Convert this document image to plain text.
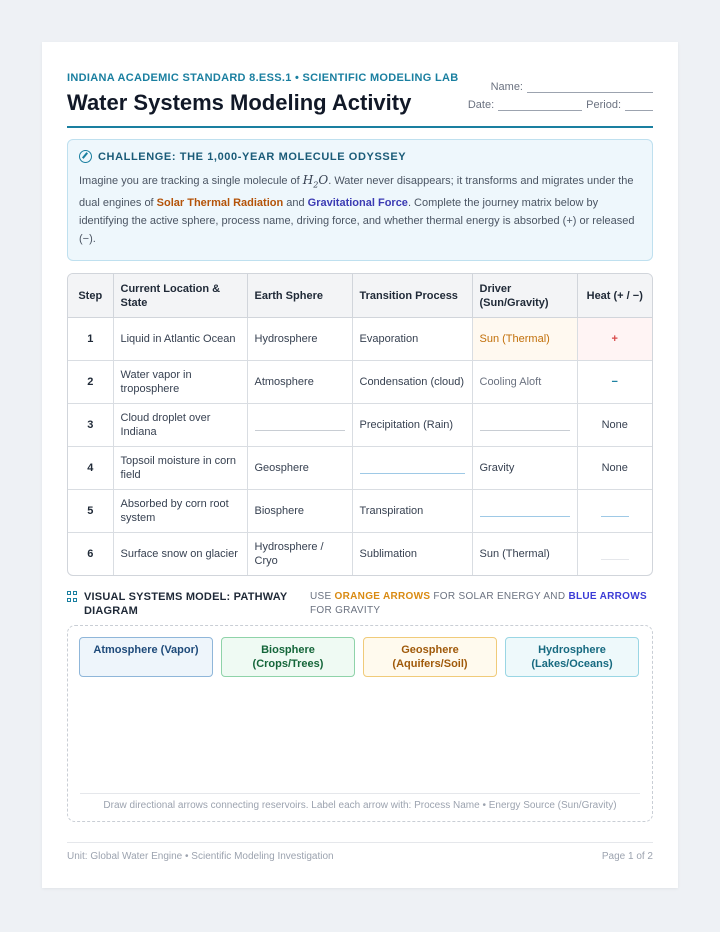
INDIANA ACADEMIC STANDARD 8.ESS.1 • SCIENTIFIC MODELING LAB
Water Systems Modeling Activity
Name:
Date:	Period:
CHALLENGE: THE 1,000-YEAR MOLECULE ODYSSEY
Imagine you are tracking a single molecule of $H_2O$. Water never disappears; it transforms and migrates under the dual engines of Solar Thermal Radiation and Gravitational Force. Complete the journey matrix below by identifying the active sphere, process name, driving force, and whether thermal energy is absorbed (+) or released (−).
Step	Current Location & State	Earth Sphere	Transition Process	Driver (Sun/Gravity)	Heat (+ / −)
1	Liquid in Atlantic Ocean	Hydrosphere	Evaporation	Sun (Thermal)	+
2	Water vapor in troposphere	Atmosphere	Condensation (cloud)	Cooling Aloft	−
3	Cloud droplet over Indiana		Precipitation (Rain)		None
4	Topsoil moisture in corn field	Geosphere		Gravity	None
5	Absorbed by corn root system	Biosphere	Transpiration	

6	Surface snow on glacier	Hydrosphere / Cryo	Sublimation	Sun (Thermal)	
VISUAL SYSTEMS MODEL: PATHWAY
DIAGRAM
USE ORANGE ARROWS FOR SOLAR ENERGY AND BLUE ARROWS FOR GRAVITY
Atmosphere (Vapor)	Biosphere
(Crops/Trees)
Geosphere
(Aquifers/Soil)
Hydrosphere
(Lakes/Oceans)
Draw directional arrows connecting reservoirs. Label each arrow with: Process Name • Energy Source (Sun/Gravity)
Unit: Global Water Engine • Scientific Modeling Investigation	Page 1 of 2
